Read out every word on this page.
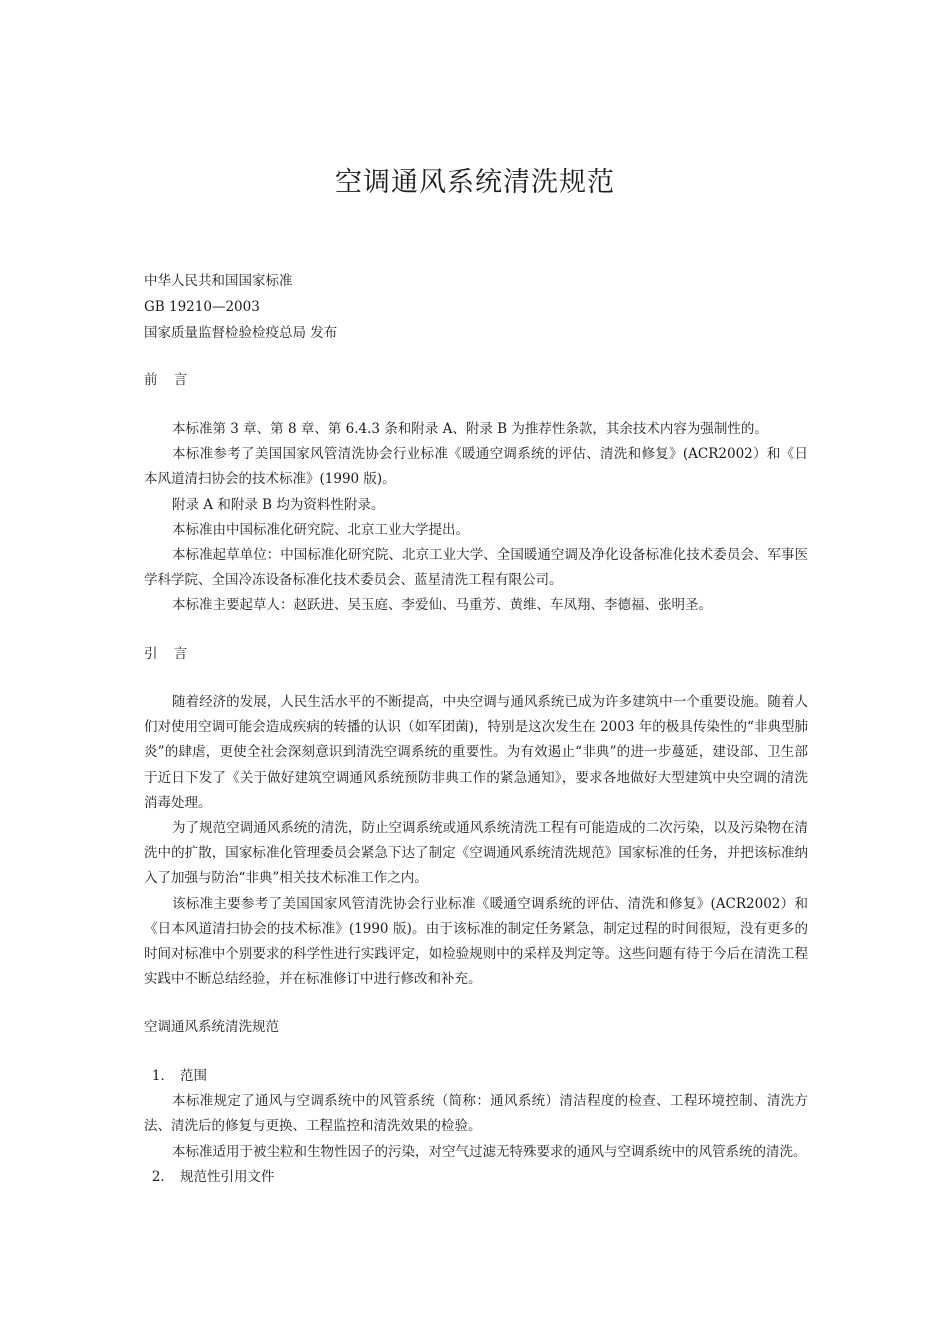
空调通风系统清洗规范
中华人民共和国国家标准
GB 19210—2003
国家质量监督检验检疫总局 发布
前 言

本标准第 3 章、第 8 章、第 6.4.3 条和附录 A、附录 B 为推荐性条款，其余技术内容为强制性的。

本标准参考了美国国家风管清洗协会行业标准《暖通空调系统的评估、清洗和修复》(ACR2002）和《日本风道清扫协会的技术标准》(1990 版)。

附录 A 和附录 B 均为资料性附录。

本标准由中国标准化研究院、北京工业大学提出。

本标准起草单位：中国标准化研究院、北京工业大学、全国暖通空调及净化设备标准化技术委员会、军事医学科学院、全国冷冻设备标准化技术委员会、蓝星清洗工程有限公司。

本标准主要起草人：赵跃进、吴玉庭、李爱仙、马重芳、黄维、车凤翔、李德福、张明圣。

引 言

随着经济的发展，人民生活水平的不断提高，中央空调与通风系统已成为许多建筑中一个重要设施。随着人们对使用空调可能会造成疾病的转播的认识（如军团菌)，特别是这次发生在 2003 年的极具传染性的“非典型肺炎”的肆虐，更使全社会深刻意识到清洗空调系统的重要性。为有效遏止“非典”的进一步蔓延，建设部、卫生部于近日下发了《关于做好建筑空调通风系统预防非典工作的紧急通知》，要求各地做好大型建筑中央空调的清洗消毒处理。

为了规范空调通风系统的清洗，防止空调系统或通风系统清洗工程有可能造成的二次污染，以及污染物在清洗中的扩散，国家标准化管理委员会紧急下达了制定《空调通风系统清洗规范》国家标准的任务，并把该标准纳入了加强与防治“非典”相关技术标准工作之内。

该标准主要参考了美国国家风管清洗协会行业标准《暖通空调系统的评估、清洗和修复》(ACR2002）和《日本风道清扫协会的技术标准》(1990 版)。由于该标准的制定任务紧急，制定过程的时间很短，没有更多的时间对标准中个别要求的科学性进行实践评定，如检验规则中的采样及判定等。这些问题有待于今后在清洗工程实践中不断总结经验，并在标准修订中进行修改和补充。

空调通风系统清洗规范

1． 范围

本标准规定了通风与空调系统中的风管系统（简称：通风系统）清洁程度的检查、工程环境控制、清洗方法、清洗后的修复与更换、工程监控和清洗效果的检验。

本标准适用于被尘粒和生物性因子的污染，对空气过滤无特殊要求的通风与空调系统中的风管系统的清洗。

2． 规范性引用文件
